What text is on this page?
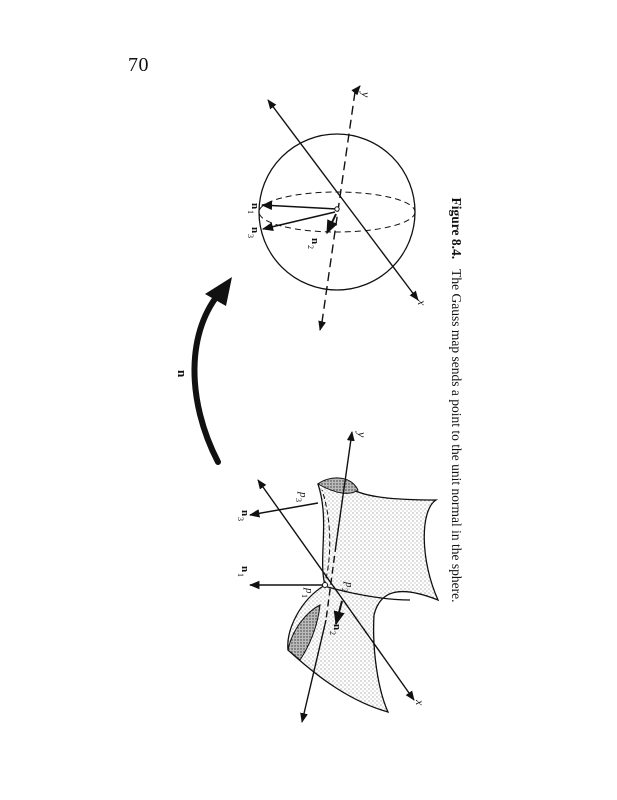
70
n
1
n
3
n
2
x
y
n
n
3
n
1
n
2
p
1
p
2
p
3
x
y
Figure 8.4.The Gauss map sends a point to the unit normal in the sphere.
